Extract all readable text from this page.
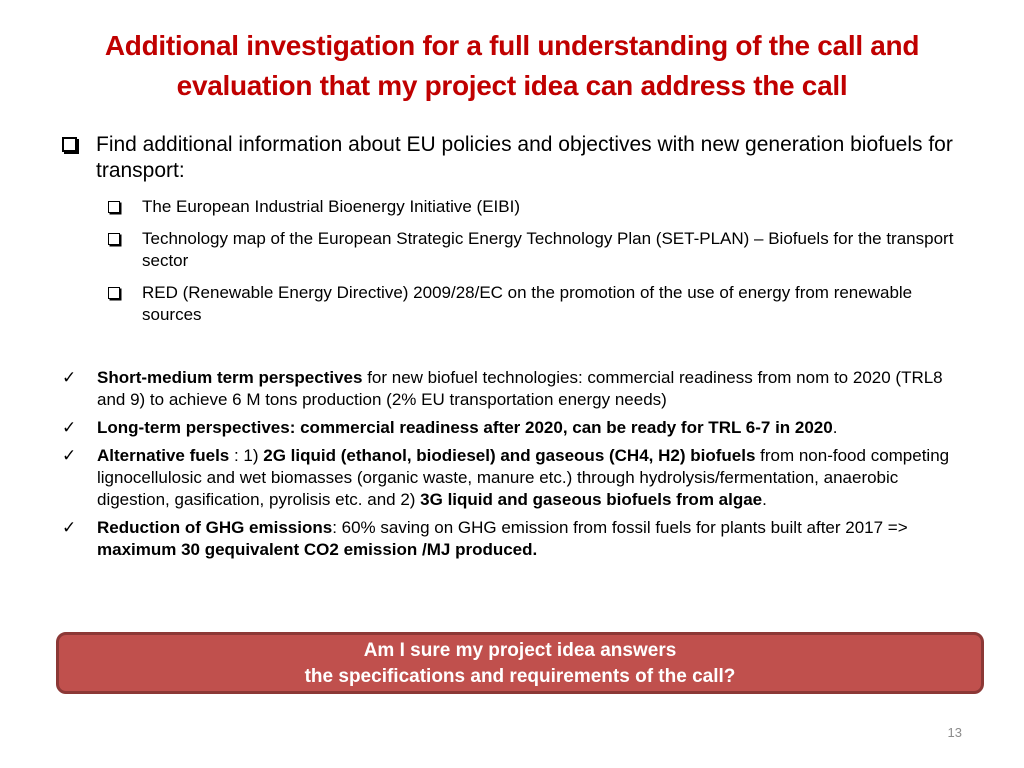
Additional investigation for a full understanding of the call and
evaluation that my project idea can address the call
Find additional information about EU policies and objectives with new generation biofuels for transport:
The European Industrial Bioenergy Initiative (EIBI)
Technology map of the European Strategic Energy Technology Plan (SET-PLAN) – Biofuels for the transport sector
RED (Renewable Energy Directive) 2009/28/EC on the promotion of the use of energy from renewable sources
✓ Short-medium term perspectives for new biofuel technologies: commercial readiness from nom to 2020 (TRL8 and 9) to achieve 6 M tons production (2% EU transportation energy needs)
✓ Long-term perspectives: commercial readiness after 2020, can be ready for TRL 6-7 in 2020.
✓ Alternative fuels : 1) 2G liquid (ethanol, biodiesel) and gaseous (CH4, H2) biofuels from non-food competing lignocellulosic and wet biomasses (organic waste, manure etc.) through hydrolysis/fermentation, anaerobic digestion, gasification, pyrolisis etc. and 2) 3G liquid and gaseous biofuels from algae.
✓ Reduction of GHG emissions: 60% saving on GHG emission from fossil fuels for plants built after 2017 => maximum 30 gequivalent CO2 emission /MJ produced.
Am I sure my project idea answers
the specifications and requirements of the call?
13
